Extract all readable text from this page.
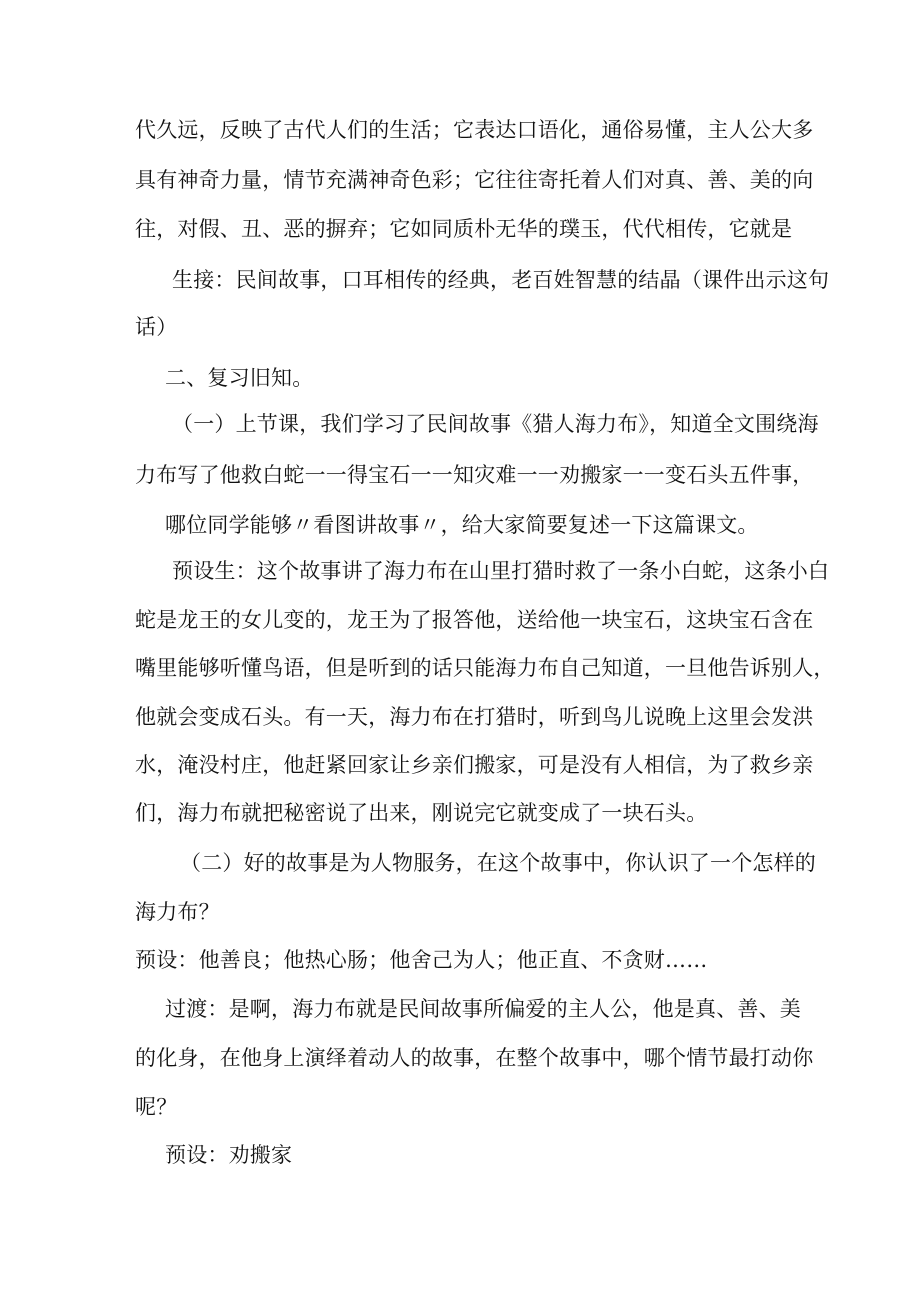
代久远，反映了古代人们的生活；它表达口语化，通俗易懂，主人公大多
具有神奇力量，情节充满神奇色彩；它往往寄托着人们对真、善、美的向
往，对假、丑、恶的摒弃；它如同质朴无华的璞玉，代代相传，它就是
生接：民间故事，口耳相传的经典，老百姓智慧的结晶（课件出示这句
话）
二、复习旧知。
（一）上节课，我们学习了民间故事《猎人海力布》，知道全文围绕海
力布写了他救白蛇一一得宝石一一知灾难一一劝搬家一一变石头五件事，
哪位同学能够〃看图讲故事〃，给大家简要复述一下这篇课文。
预设生：这个故事讲了海力布在山里打猎时救了一条小白蛇，这条小白
蛇是龙王的女儿变的，龙王为了报答他，送给他一块宝石，这块宝石含在
嘴里能够听懂鸟语，但是听到的话只能海力布自己知道，一旦他告诉别人，
他就会变成石头。有一天，海力布在打猎时，听到鸟儿说晚上这里会发洪
水，淹没村庄，他赶紧回家让乡亲们搬家，可是没有人相信，为了救乡亲
们，海力布就把秘密说了出来，刚说完它就变成了一块石头。
（二）好的故事是为人物服务，在这个故事中，你认识了一个怎样的
海力布？
预设：他善良；他热心肠；他舍己为人；他正直、不贪财……
过渡：是啊，海力布就是民间故事所偏爱的主人公，他是真、善、美
的化身，在他身上演绎着动人的故事，在整个故事中，哪个情节最打动你
呢？
预设：劝搬家
